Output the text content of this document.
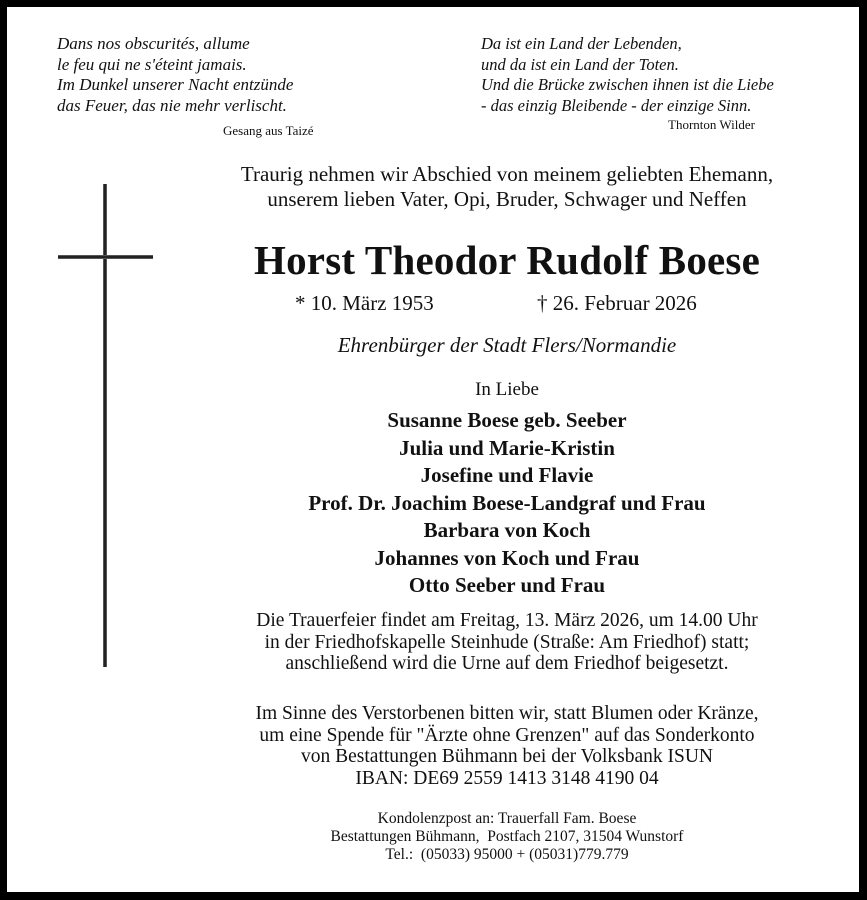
Dans nos obscurités, allume
le feu qui ne s'éteint jamais.
Im Dunkel unserer Nacht entzünde
das Feuer, das nie mehr verlischt.
Gesang aus Taizé
Da ist ein Land der Lebenden,
und da ist ein Land der Toten.
Und die Brücke zwischen ihnen ist die Liebe
- das einzig Bleibende - der einzige Sinn.
Thornton Wilder
Traurig nehmen wir Abschied von meinem geliebten Ehemann,
unserem lieben Vater, Opi, Bruder, Schwager und Neffen
Horst Theodor Rudolf Boese
* 10. März 1953	† 26. Februar 2026
Ehrenbürger der Stadt Flers/Normandie
In Liebe
Susanne Boese geb. Seeber
Julia und Marie-Kristin
Josefine und Flavie
Prof. Dr. Joachim Boese-Landgraf und Frau
Barbara von Koch
Johannes von Koch und Frau
Otto Seeber und Frau
Die Trauerfeier findet am Freitag, 13. März 2026, um 14.00 Uhr
in der Friedhofskapelle Steinhude (Straße: Am Friedhof) statt;
anschließend wird die Urne auf dem Friedhof beigesetzt.
Im Sinne des Verstorbenen bitten wir, statt Blumen oder Kränze,
um eine Spende für "Ärzte ohne Grenzen" auf das Sonderkonto
von Bestattungen Bühmann bei der Volksbank ISUN
IBAN: DE69 2559 1413 3148 4190 04
Kondolenzpost an: Trauerfall Fam. Boese
Bestattungen Bühmann,  Postfach 2107, 31504 Wunstorf
Tel.:  (05033) 95000 + (05031)779.779
